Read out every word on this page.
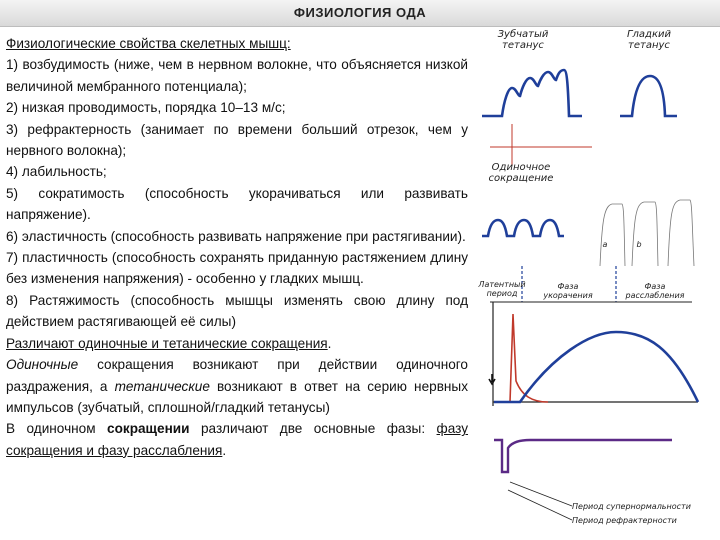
ФИЗИОЛОГИЯ ОДА

Физиологические свойства скелетных мышц:

1) возбудимость (ниже, чем в нервном волокне, что объясняется низкой величиной мембранного потенциала);

2) низкая проводимость, порядка 10–13 м/с;

3) рефрактерность (занимает по времени больший отрезок, чем у нервного волокна);

4) лабильность;

5) сократимость (способность укорачиваться или развивать напряжение).

6) эластичность (способность развивать напряжение при растягивании).

7) пластичность (способность сохранять приданную растяжением длину без изменения напряжения) - особенно у гладких мышц.

8) Растяжимость (способность мышцы изменять свою длину под действием растягивающей её силы)

Различают одиночные и тетанические сокращения.

Одиночные сокращения возникают при действии одиночного раздражения, а тетанические возникают в ответ на серию нервных импульсов (зубчатый, сплошной/гладкий тетанусы)

В одиночном сокращении различают две основные фазы: фазу сокращения и фазу расслабления.

Зубчатый тетанус
Гладкий тетанус
Одиночное сокращение
a	b
Латентный период
Фаза укорачения
Фаза расслабления
Период супернормальности
Период рефрактерности
